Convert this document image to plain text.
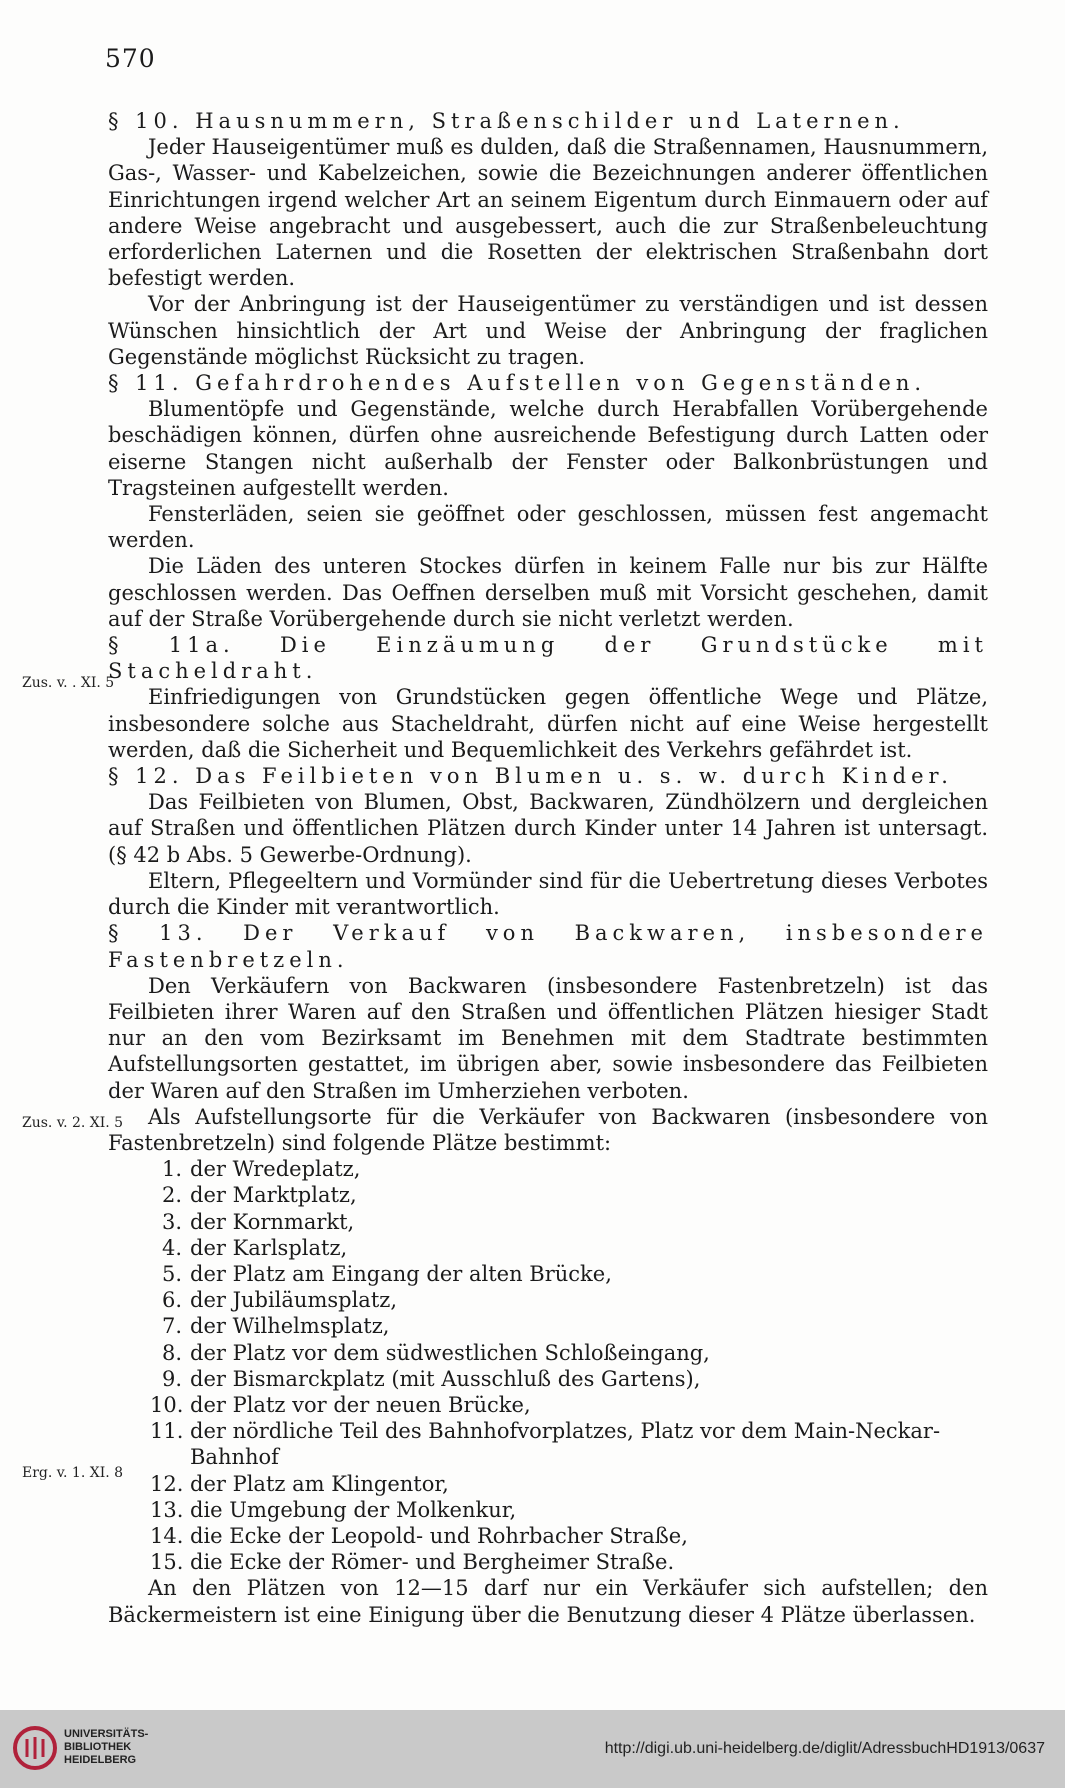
570
Zus. v. . XI. 5
Zus. v. 2. XI. 5
Erg. v. 1. XI. 8

§ 10. Hausnummern, Straßenschilder und Laternen.

Jeder Hauseigentümer muß es dulden, daß die Straßennamen, Hausnummern, Gas-, Wasser- und Kabelzeichen, sowie die Bezeichnungen anderer öffentlichen Einrichtungen irgend welcher Art an seinem Eigentum durch Einmauern oder auf andere Weise angebracht und ausgebessert, auch die zur Straßenbeleuchtung erforderlichen Laternen und die Rosetten der elektrischen Straßenbahn dort befestigt werden.

Vor der Anbringung ist der Hauseigentümer zu verständigen und ist dessen Wünschen hinsichtlich der Art und Weise der Anbringung der fraglichen Gegenstände möglichst Rücksicht zu tragen.

§ 11. Gefahrdrohendes Aufstellen von Gegenständen.

Blumentöpfe und Gegenstände, welche durch Herabfallen Vorübergehende beschädigen können, dürfen ohne ausreichende Befestigung durch Latten oder eiserne Stangen nicht außerhalb der Fenster oder Balkonbrüstungen und Tragsteinen aufgestellt werden.

Fensterläden, seien sie geöffnet oder geschlossen, müssen fest angemacht werden.

Die Läden des unteren Stockes dürfen in keinem Falle nur bis zur Hälfte geschlossen werden. Das Oeffnen derselben muß mit Vorsicht geschehen, damit auf der Straße Vorübergehende durch sie nicht verletzt werden.

§ 11a. Die Einzäumung der Grundstücke mit Stacheldraht.

Einfriedigungen von Grundstücken gegen öffentliche Wege und Plätze, insbesondere solche aus Stacheldraht, dürfen nicht auf eine Weise hergestellt werden, daß die Sicherheit und Bequemlichkeit des Verkehrs gefährdet ist.

§ 12. Das Feilbieten von Blumen u. s. w. durch Kinder.

Das Feilbieten von Blumen, Obst, Backwaren, Zündhölzern und dergleichen auf Straßen und öffentlichen Plätzen durch Kinder unter 14 Jahren ist untersagt. (§ 42 b Abs. 5 Gewerbe-Ordnung).

Eltern, Pflegeeltern und Vormünder sind für die Uebertretung dieses Verbotes durch die Kinder mit verantwortlich.

§ 13. Der Verkauf von Backwaren, insbesondere Fastenbretzeln.

Den Verkäufern von Backwaren (insbesondere Fastenbretzeln) ist das Feilbieten ihrer Waren auf den Straßen und öffentlichen Plätzen hiesiger Stadt nur an den vom Bezirksamt im Benehmen mit dem Stadtrate bestimmten Aufstellungsorten gestattet, im übrigen aber, sowie insbesondere das Feilbieten der Waren auf den Straßen im Umherziehen verboten.

Als Aufstellungsorte für die Verkäufer von Backwaren (insbesondere von Fastenbretzeln) sind folgende Plätze bestimmt:

1. der Wredeplatz,
2. der Marktplatz,
3. der Kornmarkt,
4. der Karlsplatz,
5. der Platz am Eingang der alten Brücke,
6. der Jubiläumsplatz,
7. der Wilhelmsplatz,
8. der Platz vor dem südwestlichen Schloßeingang,
9. der Bismarckplatz (mit Ausschluß des Gartens),
10. der Platz vor der neuen Brücke,
11. der nördliche Teil des Bahnhofvorplatzes, Platz vor dem Main-Neckar-Bahnhof
12. der Platz am Klingentor,
13. die Umgebung der Molkenkur,
14. die Ecke der Leopold- und Rohrbacher Straße,
15. die Ecke der Römer- und Bergheimer Straße.

An den Plätzen von 12—15 darf nur ein Verkäufer sich aufstellen; den Bäckermeistern ist eine Einigung über die Benutzung dieser 4 Plätze überlassen.

UNIVERSITÄTS-
BIBLIOTHEK
HEIDELBERG
http://digi.ub.uni-heidelberg.de/diglit/AdressbuchHD1913/0637
